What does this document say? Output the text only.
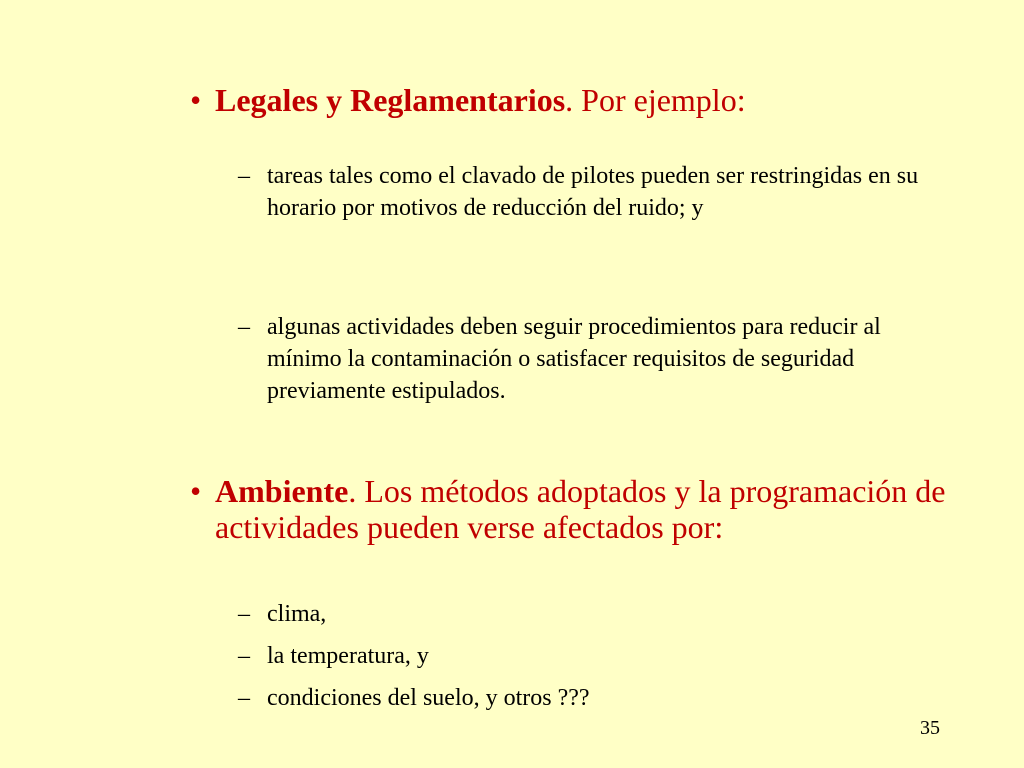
• Legales y Reglamentarios. Por ejemplo:
– tareas tales como el clavado de pilotes pueden ser restringidas en su horario por motivos de reducción del ruido; y
– algunas actividades deben seguir procedimientos para reducir al mínimo la contaminación o satisfacer requisitos de seguridad previamente estipulados.
• Ambiente. Los métodos adoptados y la programación de actividades pueden verse afectados por:
– clima,
– la temperatura, y
– condiciones del suelo, y otros ???
35
